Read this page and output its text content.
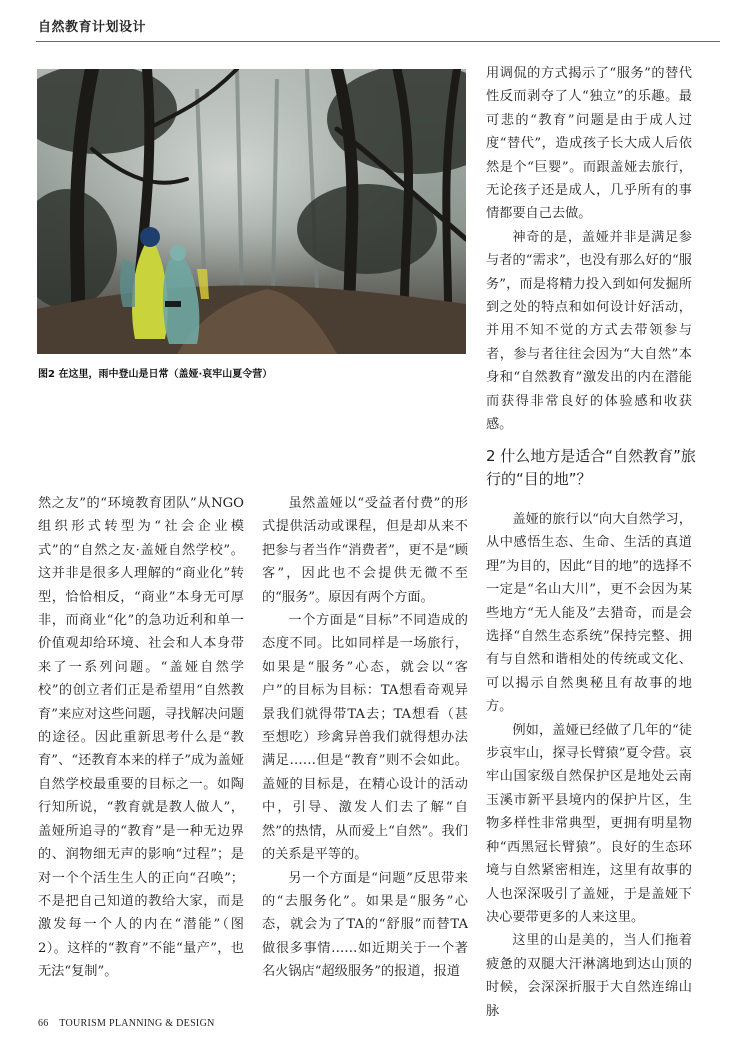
自然教育计划设计
图2 在这里，雨中登山是日常（盖娅·哀牢山夏令营）

然之友”的“环境教育团队”从NGO组织形式转型为“社会企业模式”的“自然之友·盖娅自然学校”。这并非是很多人理解的“商业化”转型，恰恰相反，“商业”本身无可厚非，而商业“化”的急功近利和单一价值观却给环境、社会和人本身带来了一系列问题。“盖娅自然学校”的创立者们正是希望用“自然教育”来应对这些问题，寻找解决问题的途径。因此重新思考什么是“教育”、“还教育本来的样子”成为盖娅自然学校最重要的目标之一。如陶行知所说，“教育就是教人做人”，盖娅所追寻的“教育”是一种无边界的、润物细无声的影响“过程”；是对一个个活生生人的正向“召唤”；不是把自己知道的教给大家，而是激发每一个人的内在“潜能”（图2）。这样的“教育”不能“量产”，也无法“复制”。

虽然盖娅以“受益者付费”的形式提供活动或课程，但是却从来不把参与者当作“消费者”，更不是“顾客”，因此也不会提供无微不至的“服务”。原因有两个方面。

一个方面是“目标”不同造成的态度不同。比如同样是一场旅行，如果是“服务”心态，就会以“客户”的目标为目标：TA想看奇观异景我们就得带TA去；TA想看（甚至想吃）珍禽异兽我们就得想办法满足……但是“教育”则不会如此。盖娅的目标是，在精心设计的活动中，引导、激发人们去了解“自然”的热情，从而爱上“自然”。我们的关系是平等的。

另一个方面是“问题”反思带来的“去服务化”。如果是“服务”心态，就会为了TA的“舒服”而替TA做很多事情……如近期关于一个著名火锅店“超级服务”的报道，报道

用调侃的方式揭示了“服务”的替代性反而剥夺了人“独立”的乐趣。最可悲的“教育”问题是由于成人过度“替代”，造成孩子长大成人后依然是个“巨婴”。而跟盖娅去旅行，无论孩子还是成人，几乎所有的事情都要自己去做。

神奇的是，盖娅并非是满足参与者的“需求”，也没有那么好的“服务”，而是将精力投入到如何发掘所到之处的特点和如何设计好活动，并用不知不觉的方式去带领参与者，参与者往往会因为“大自然”本身和“自然教育”激发出的内在潜能而获得非常良好的体验感和收获感。

2 什么地方是适合“自然教育”旅行的“目的地”？

盖娅的旅行以“向大自然学习，从中感悟生态、生命、生活的真道理”为目的，因此“目的地”的选择不一定是“名山大川”，更不会因为某些地方“无人能及”去猎奇，而是会选择“自然生态系统”保持完整、拥有与自然和谐相处的传统或文化、可以揭示自然奥秘且有故事的地方。

例如，盖娅已经做了几年的“徒步哀牢山，探寻长臂猿”夏令营。哀牢山国家级自然保护区是地处云南玉溪市新平县境内的保护片区，生物多样性非常典型，更拥有明星物种“西黑冠长臂猿”。良好的生态环境与自然紧密相连，这里有故事的人也深深吸引了盖娅，于是盖娅下决心要带更多的人来这里。

这里的山是美的，当人们拖着疲惫的双腿大汗淋漓地到达山顶的时候，会深深折服于大自然连绵山脉

66 TOURISM PLANNING & DESIGN
